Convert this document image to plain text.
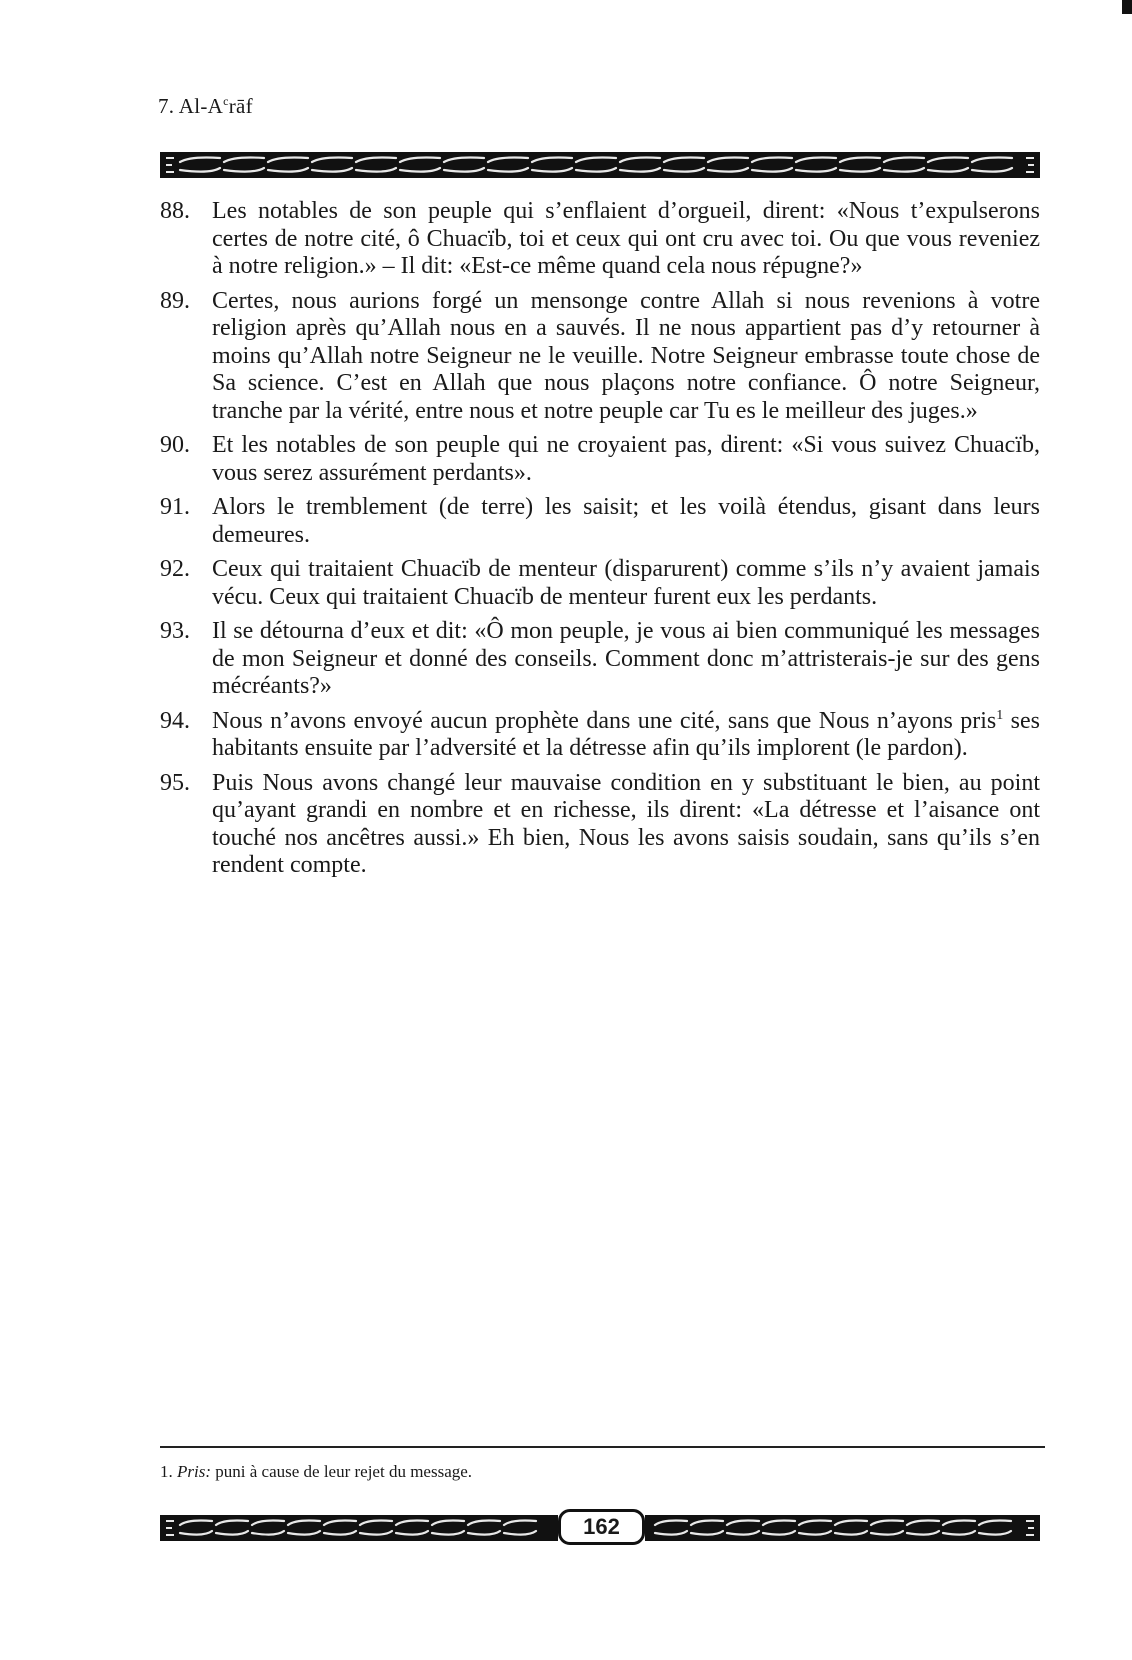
7. $Al-A^crāf$
88. Les notables de son peuple qui s’enflaient d’orgueil, dirent: «Nous t’expulserons certes de notre cité, ô Chuacïb, toi et ceux qui ont cru avec toi. Ou que vous reveniez à notre religion.» – Il dit: «Est-ce même quand cela nous répugne?»
89. Certes, nous aurions forgé un mensonge contre Allah si nous revenions à votre religion après qu’Allah nous en a sauvés. Il ne nous appartient pas d’y retourner à moins qu’Allah notre Seigneur ne le veuille. Notre Seigneur embrasse toute chose de Sa science. C’est en Allah que nous plaçons notre confiance. Ô notre Seigneur, tranche par la vérité, entre nous et notre peuple car Tu es le meilleur des juges.»
90. Et les notables de son peuple qui ne croyaient pas, dirent: «Si vous suivez Chuacïb, vous serez assurément perdants».
91. Alors le tremblement (de terre) les saisit; et les voilà étendus, gisant dans leurs demeures.
92. Ceux qui traitaient Chuacïb de menteur (disparurent) comme s’ils n’y avaient jamais vécu. Ceux qui traitaient Chuacïb de menteur furent eux les perdants.
93. Il se détourna d’eux et dit: «Ô mon peuple, je vous ai bien communiqué les messages de mon Seigneur et donné des conseils. Comment donc m’attristerais-je sur des gens mécréants?»
94. Nous n’avons envoyé aucun prophète dans une cité, sans que Nous n’ayons pris$^1$ ses habitants ensuite par l’adversité et la détresse afin qu’ils implorent (le pardon).
95. Puis Nous avons changé leur mauvaise condition en y substituant le bien, au point qu’ayant grandi en nombre et en richesse, ils dirent: «La détresse et l’aisance ont touché nos ancêtres aussi.» Eh bien, Nous les avons saisis soudain, sans qu’ils s’en rendent compte.
1. Pris: puni à cause de leur rejet du message.
162
